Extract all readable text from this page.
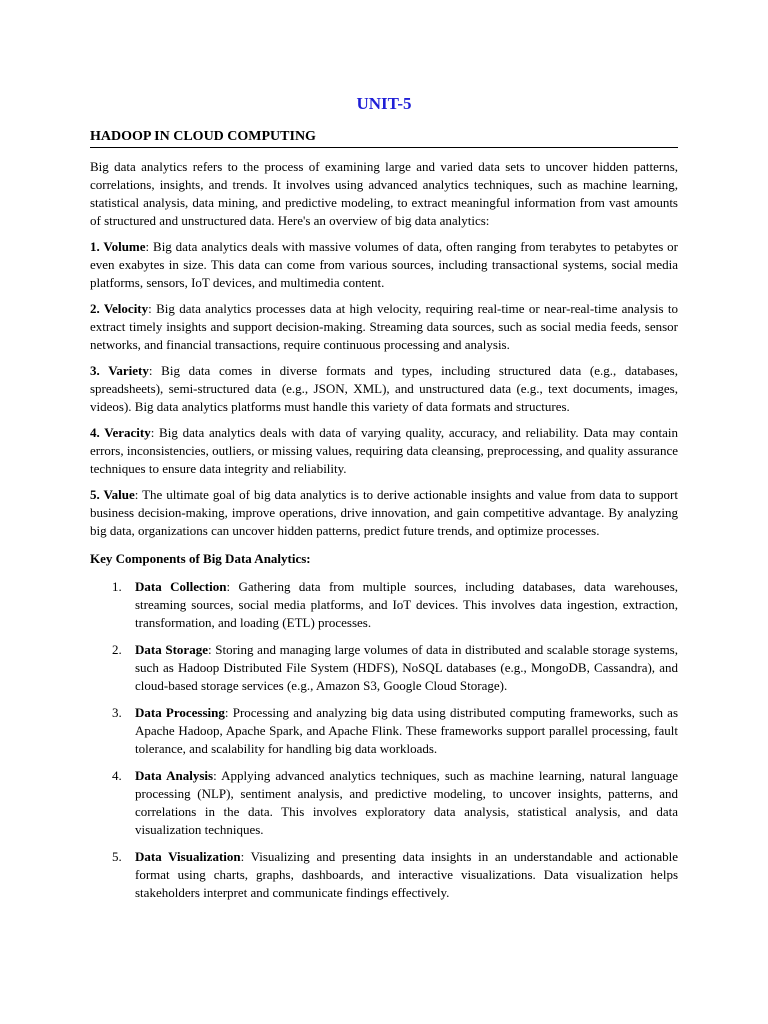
UNIT-5
HADOOP IN CLOUD COMPUTING

Big data analytics refers to the process of examining large and varied data sets to uncover hidden patterns, correlations, insights, and trends. It involves using advanced analytics techniques, such as machine learning, statistical analysis, data mining, and predictive modeling, to extract meaningful information from vast amounts of structured and unstructured data. Here's an overview of big data analytics:

1. Volume: Big data analytics deals with massive volumes of data, often ranging from terabytes to petabytes or even exabytes in size. This data can come from various sources, including transactional systems, social media platforms, sensors, IoT devices, and multimedia content.

2. Velocity: Big data analytics processes data at high velocity, requiring real-time or near-real-time analysis to extract timely insights and support decision-making. Streaming data sources, such as social media feeds, sensor networks, and financial transactions, require continuous processing and analysis.

3. Variety: Big data comes in diverse formats and types, including structured data (e.g., databases, spreadsheets), semi-structured data (e.g., JSON, XML), and unstructured data (e.g., text documents, images, videos). Big data analytics platforms must handle this variety of data formats and structures.

4. Veracity: Big data analytics deals with data of varying quality, accuracy, and reliability. Data may contain errors, inconsistencies, outliers, or missing values, requiring data cleansing, preprocessing, and quality assurance techniques to ensure data integrity and reliability.

5. Value: The ultimate goal of big data analytics is to derive actionable insights and value from data to support business decision-making, improve operations, drive innovation, and gain competitive advantage. By analyzing big data, organizations can uncover hidden patterns, predict future trends, and optimize processes.

Key Components of Big Data Analytics:
1. Data Collection: Gathering data from multiple sources, including databases, data warehouses, streaming sources, social media platforms, and IoT devices. This involves data ingestion, extraction, transformation, and loading (ETL) processes.
2. Data Storage: Storing and managing large volumes of data in distributed and scalable storage systems, such as Hadoop Distributed File System (HDFS), NoSQL databases (e.g., MongoDB, Cassandra), and cloud-based storage services (e.g., Amazon S3, Google Cloud Storage).
3. Data Processing: Processing and analyzing big data using distributed computing frameworks, such as Apache Hadoop, Apache Spark, and Apache Flink. These frameworks support parallel processing, fault tolerance, and scalability for handling big data workloads.
4. Data Analysis: Applying advanced analytics techniques, such as machine learning, natural language processing (NLP), sentiment analysis, and predictive modeling, to uncover insights, patterns, and correlations in the data. This involves exploratory data analysis, statistical analysis, and data visualization techniques.
5. Data Visualization: Visualizing and presenting data insights in an understandable and actionable format using charts, graphs, dashboards, and interactive visualizations. Data visualization helps stakeholders interpret and communicate findings effectively.
